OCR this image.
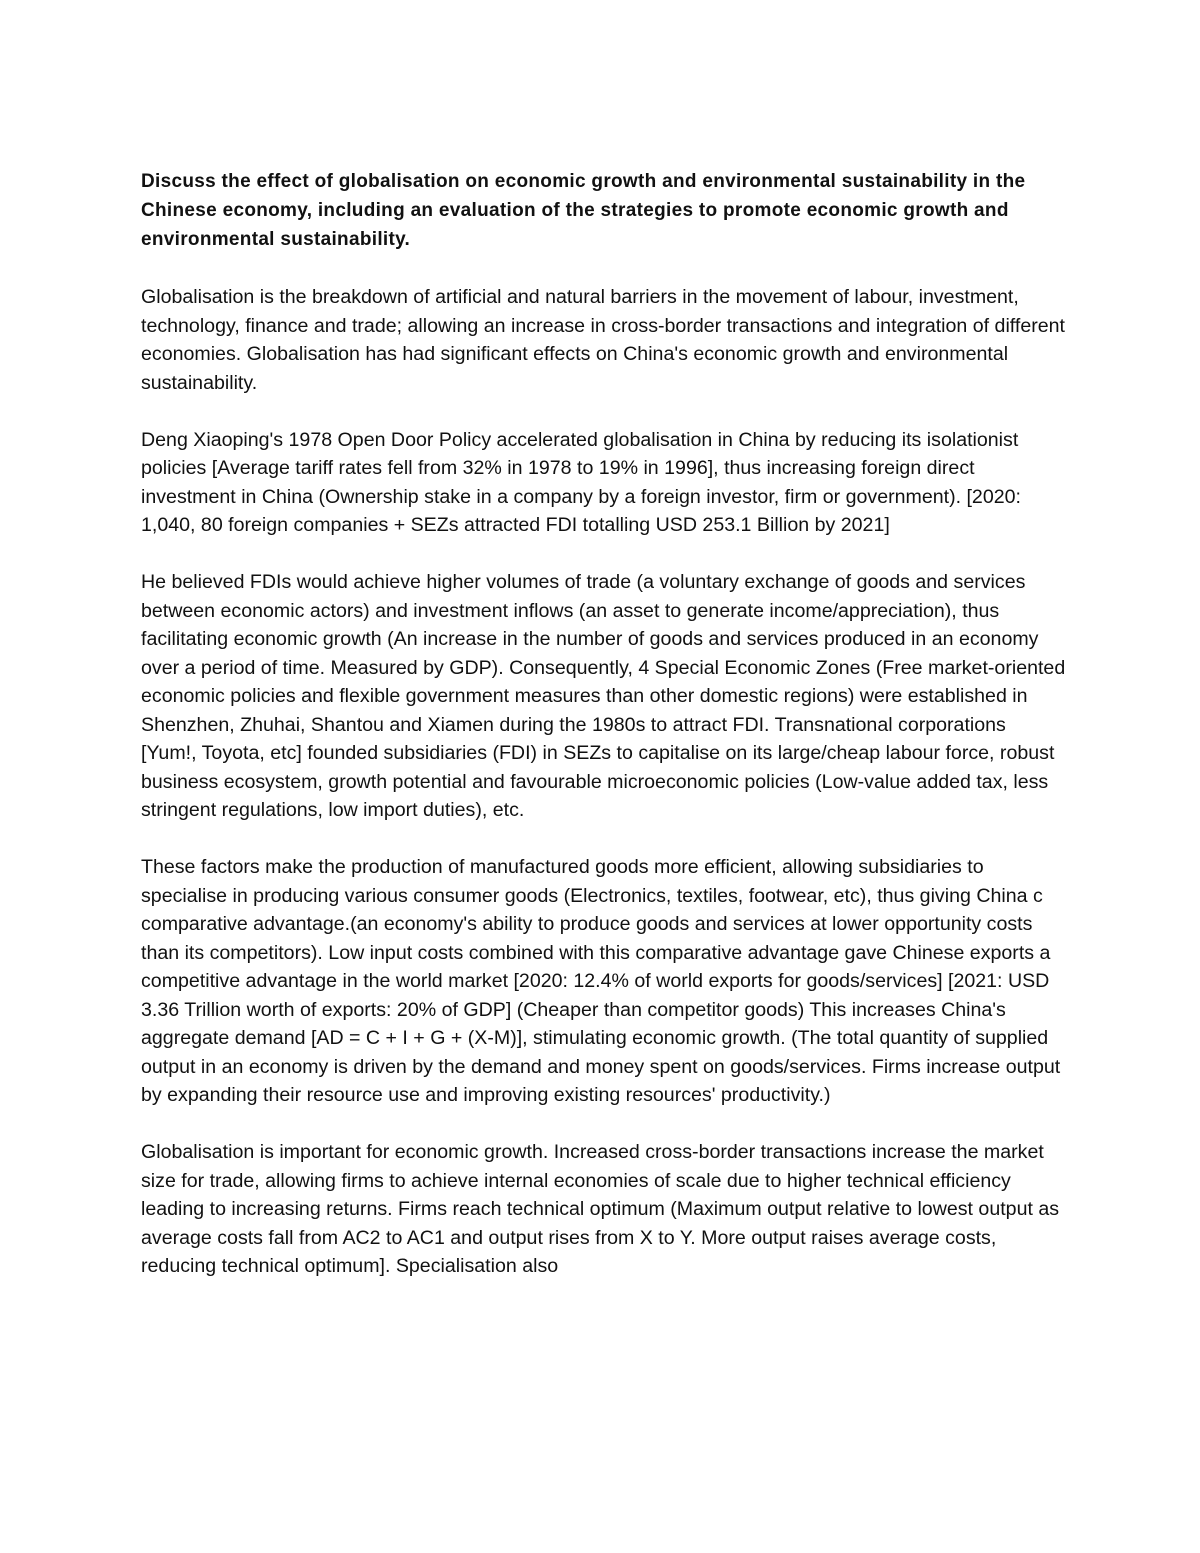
Discuss the effect of globalisation on economic growth and environmental sustainability in the Chinese economy, including an evaluation of the strategies to promote economic growth and environmental sustainability.

Globalisation is the breakdown of artificial and natural barriers in the movement of labour, investment, technology, finance and trade; allowing an increase in cross-border transactions and integration of different economies. Globalisation has had significant effects on China's economic growth and environmental sustainability.

Deng Xiaoping's 1978 Open Door Policy accelerated globalisation in China by reducing its isolationist policies [Average tariff rates fell from 32% in 1978 to 19% in 1996], thus increasing foreign direct investment in China (Ownership stake in a company by a foreign investor, firm or government). [2020: 1,040, 80 foreign companies + SEZs attracted FDI totalling USD 253.1 Billion by 2021]

He believed FDIs would achieve higher volumes of trade (a voluntary exchange of goods and services between economic actors) and investment inflows (an asset to generate income/appreciation), thus facilitating economic growth (An increase in the number of goods and services produced in an economy over a period of time. Measured by GDP). Consequently, 4 Special Economic Zones (Free market-oriented economic policies and flexible government measures than other domestic regions) were established in Shenzhen, Zhuhai, Shantou and Xiamen during the 1980s to attract FDI. Transnational corporations [Yum!, Toyota, etc] founded subsidiaries (FDI) in SEZs to capitalise on its large/cheap labour force, robust business ecosystem, growth potential and favourable microeconomic policies (Low-value added tax, less stringent regulations, low import duties), etc.

These factors make the production of manufactured goods more efficient, allowing subsidiaries to specialise in producing various consumer goods (Electronics, textiles, footwear, etc), thus giving China c comparative advantage.(an economy's ability to produce goods and services at lower opportunity costs than its competitors). Low input costs combined with this comparative advantage gave Chinese exports a competitive advantage in the world market [2020: 12.4% of world exports for goods/services] [2021: USD 3.36 Trillion worth of exports: 20% of GDP] (Cheaper than competitor goods) This increases China's aggregate demand [AD = C + I + G + (X-M)], stimulating economic growth. (The total quantity of supplied output in an economy is driven by the demand and money spent on goods/services. Firms increase output by expanding their resource use and improving existing resources' productivity.)

Globalisation is important for economic growth. Increased cross-border transactions increase the market size for trade, allowing firms to achieve internal economies of scale due to higher technical efficiency leading to increasing returns. Firms reach technical optimum (Maximum output relative to lowest output as average costs fall from AC2 to AC1 and output rises from X to Y. More output raises average costs, reducing technical optimum]. Specialisation also
